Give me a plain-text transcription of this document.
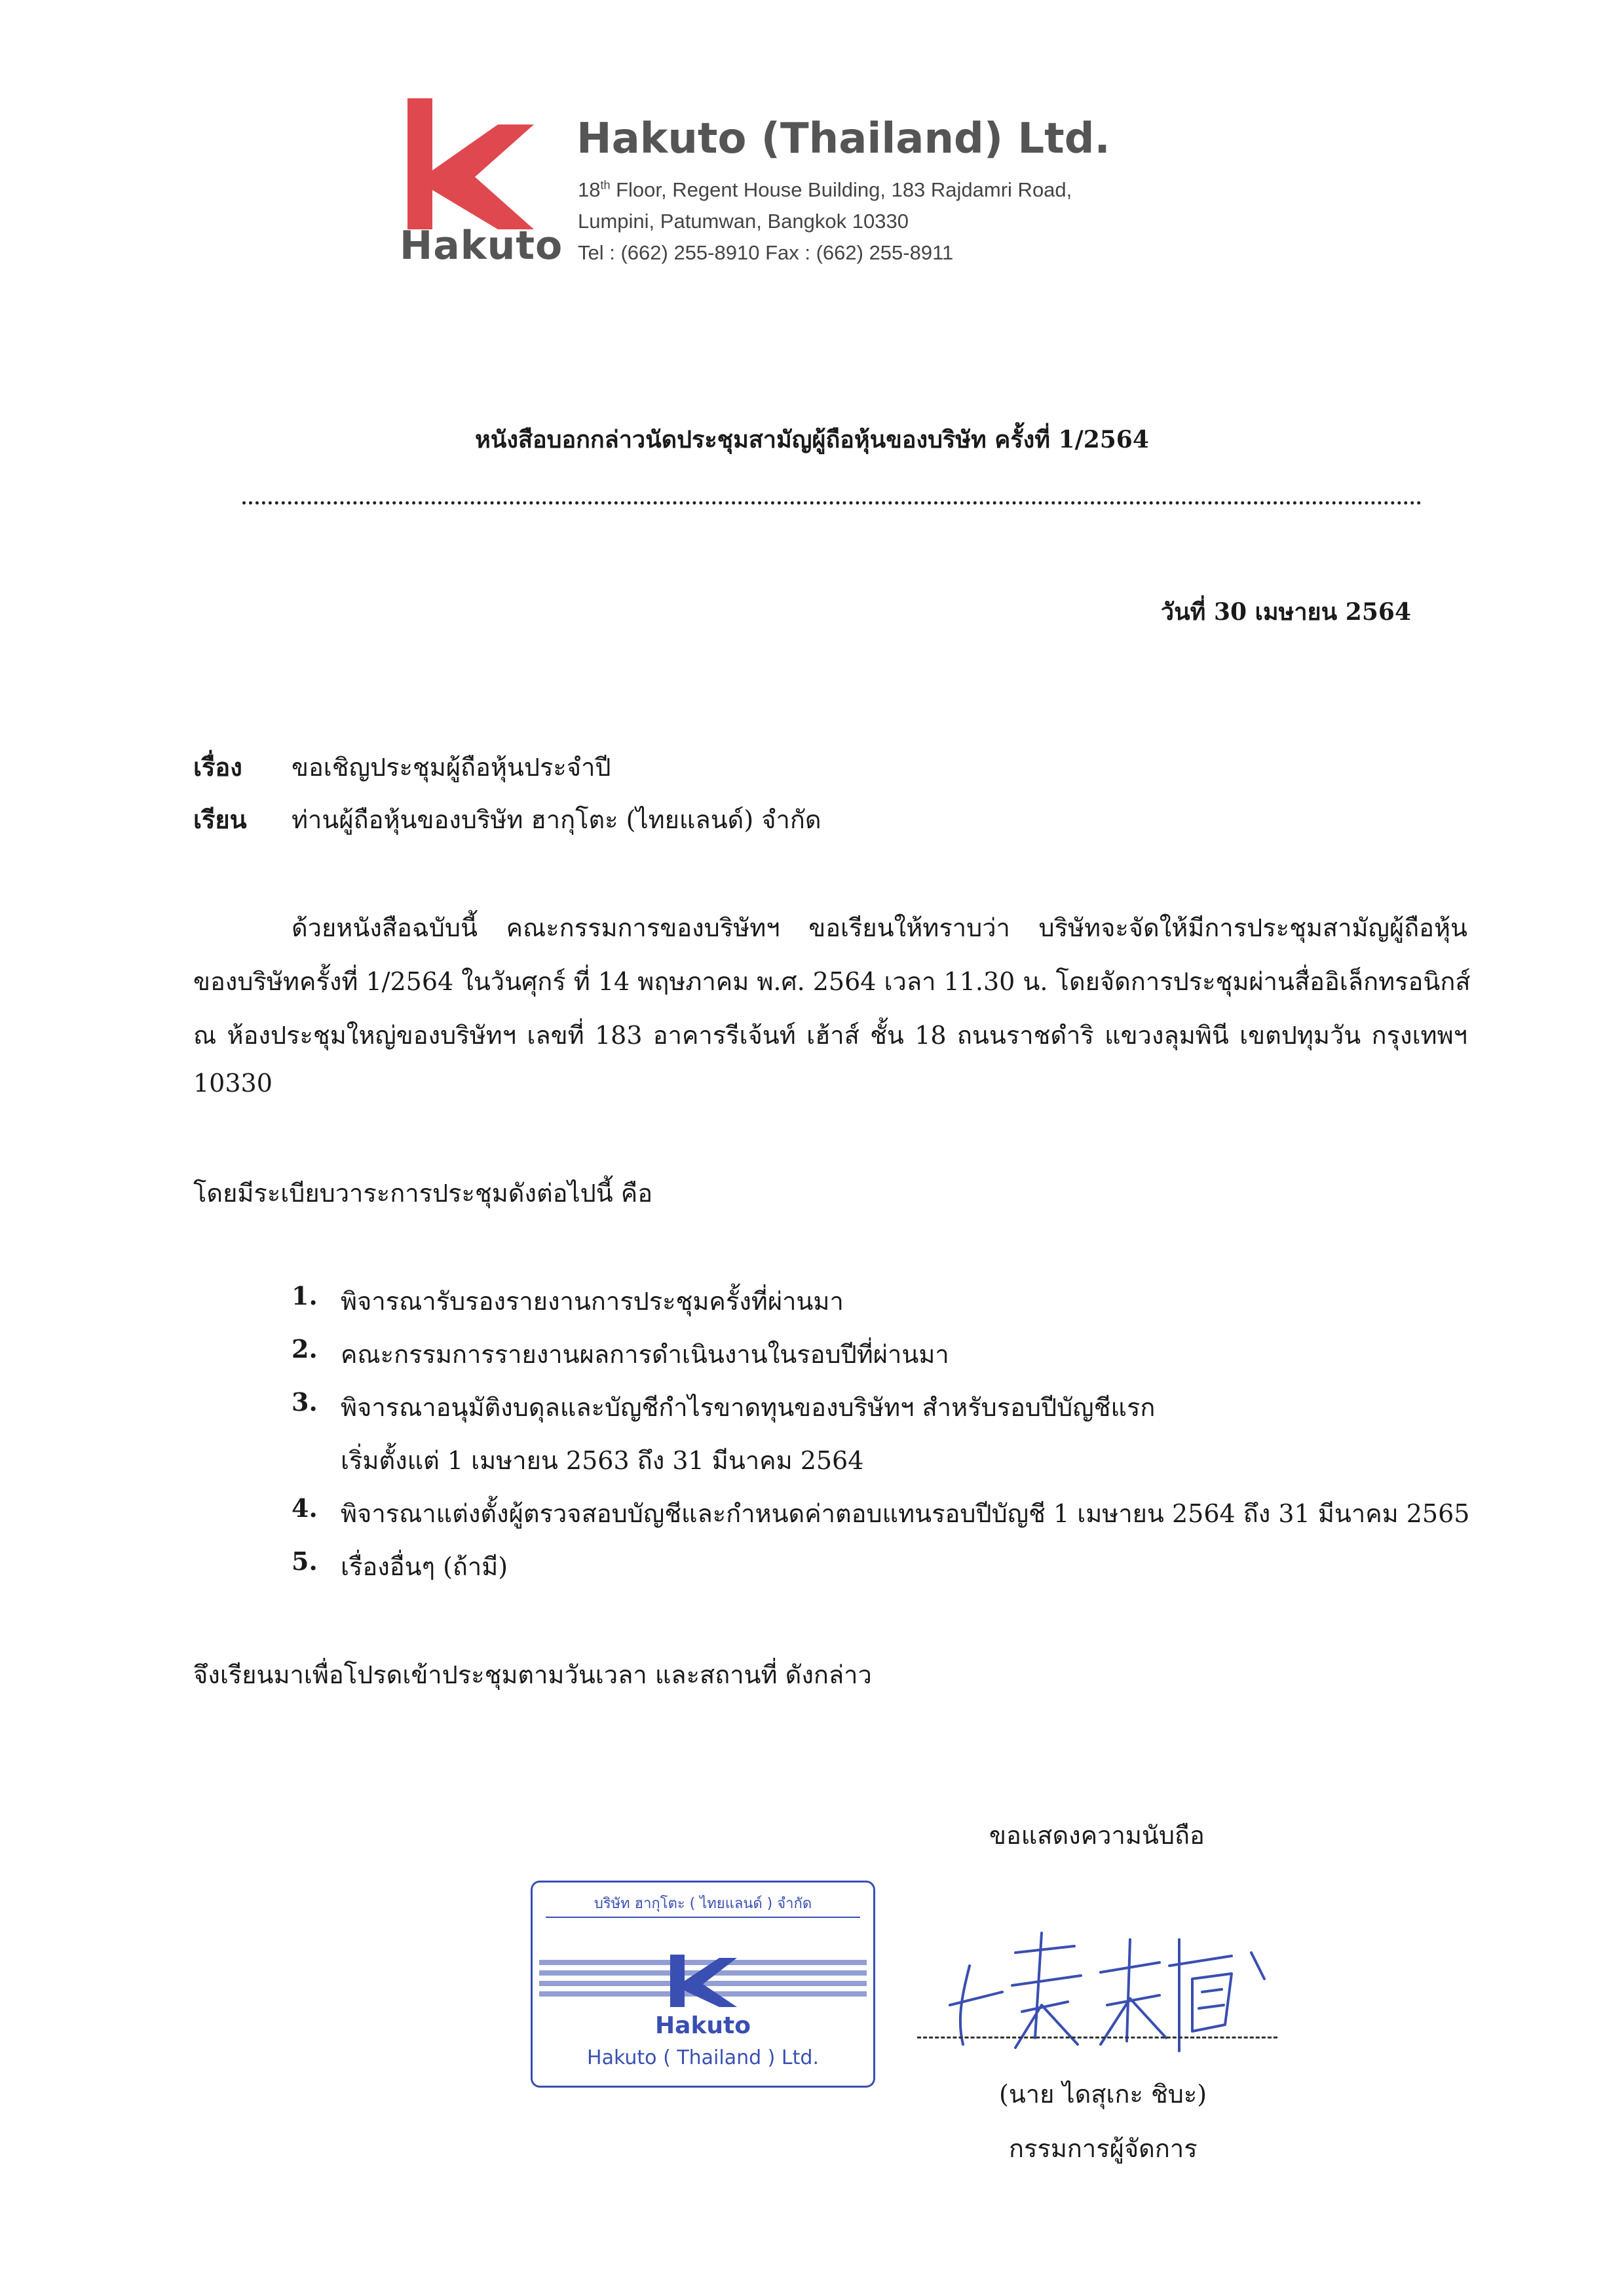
Hakuto
Hakuto (Thailand) Ltd.
18th Floor, Regent House Building, 183 Rajdamri Road,
Lumpini, Patumwan, Bangkok 10330
Tel : (662) 255-8910 Fax : (662) 255-8911
หนังสือบอกกล่าวนัดประชุมสามัญผู้ถือหุ้นของบริษัท ครั้งที่ 1/2564
วันที่ 30 เมษายน 2564
เรื่อง ขอเชิญประชุมผู้ถือหุ้นประจำปี
เรียน ท่านผู้ถือหุ้นของบริษัท ฮากุโตะ (ไทยแลนด์) จำกัด
ด้วยหนังสือฉบับนี้ คณะกรรมการของบริษัทฯ ขอเรียนให้ทราบว่า บริษัทจะจัดให้มีการประชุมสามัญผู้ถือหุ้น
ของบริษัทครั้งที่ 1/2564 ในวันศุกร์ ที่ 14 พฤษภาคม พ.ศ. 2564 เวลา 11.30 น. โดยจัดการประชุมผ่านสื่ออิเล็กทรอนิกส์
ณ ห้องประชุมใหญ่ของบริษัทฯ เลขที่ 183 อาคารรีเจ้นท์ เฮ้าส์ ชั้น 18 ถนนราชดำริ แขวงลุมพินี เขตปทุมวัน กรุงเทพฯ
10330
โดยมีระเบียบวาระการประชุมดังต่อไปนี้ คือ
1. พิจารณารับรองรายงานการประชุมครั้งที่ผ่านมา
2. คณะกรรมการรายงานผลการดำเนินงานในรอบปีที่ผ่านมา
3. พิจารณาอนุมัติงบดุลและบัญชีกำไรขาดทุนของบริษัทฯ สำหรับรอบปีบัญชีแรก
เริ่มตั้งแต่ 1 เมษายน 2563 ถึง 31 มีนาคม 2564
4. พิจารณาแต่งตั้งผู้ตรวจสอบบัญชีและกำหนดค่าตอบแทนรอบปีบัญชี 1 เมษายน 2564 ถึง 31 มีนาคม 2565
5. เรื่องอื่นๆ (ถ้ามี)
จึงเรียนมาเพื่อโปรดเข้าประชุมตามวันเวลา และสถานที่ ดังกล่าว
ขอแสดงความนับถือ
บริษัท ฮากุโตะ ( ไทยแลนด์ ) จำกัด
Hakuto
Hakuto ( Thailand ) Ltd.
(นาย ไดสุเกะ ชิบะ)
กรรมการผู้จัดการ
